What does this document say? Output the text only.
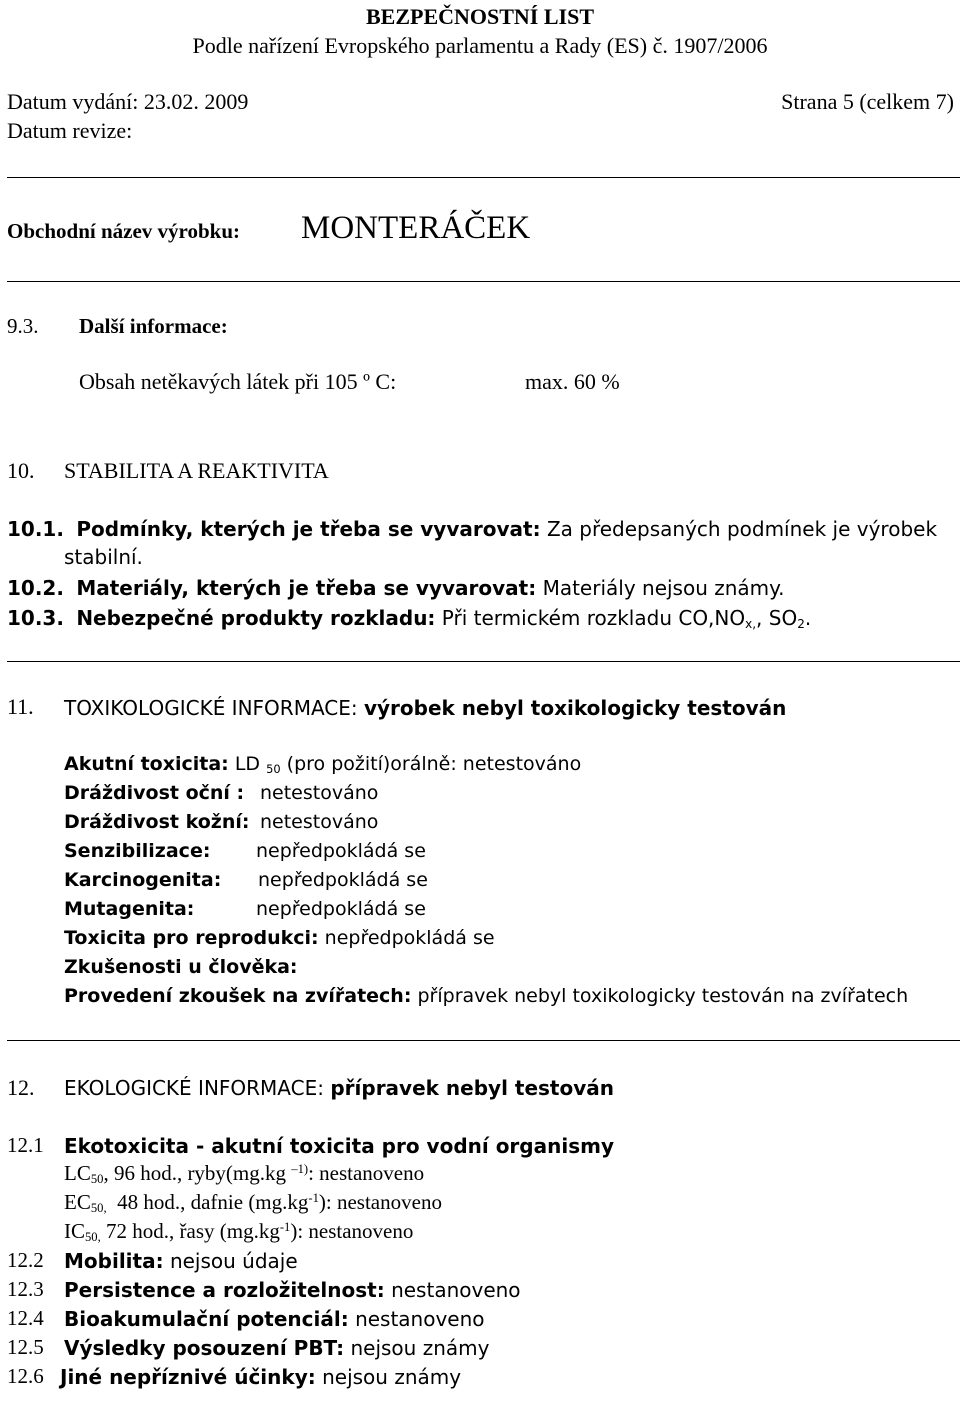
BEZPEČNOSTNÍ LIST
Podle nařízení Evropského parlamentu a Rady (ES) č. 1907/2006
Datum vydání: 23.02. 2009	Strana 5 (celkem 7)
Datum revize:
Obchodní název výrobku: MONTERÁČEK
9.3. Další informace:
Obsah netěkavých látek při 105 º C:	max. 60 %
10. STABILITA A REAKTIVITA
10.1. Podmínky, kterých je třeba se vyvarovat: Za předepsaných podmínek je výrobek
stabilní.
10.2. Materiály, kterých je třeba se vyvarovat: Materiály nejsou známy.
10.3. Nebezpečné produkty rozkladu: Při termickém rozkladu $CO,NO_{x,}$, $SO_2$.
11. TOXIKOLOGICKÉ INFORMACE: výrobek nebyl toxikologicky testován
Akutní toxicita: LD $_{50}$ (pro požití)orálně: netestováno
Dráždivost oční : netestováno
Dráždivost kožní: netestováno
Senzibilizace: nepředpokládá se
Karcinogenita: nepředpokládá se
Mutagenita:	nepředpokládá se
Toxicita pro reprodukci: nepředpokládá se
Zkušenosti u člověka:
Provedení zkoušek na zvířatech: přípravek nebyl toxikologicky testován na zvířatech
12. EKOLOGICKÉ INFORMACE: přípravek nebyl testován
12.1 Ekotoxicita - akutní toxicita pro vodní organismy
$LC_{50}$, 96 hod., ryby(mg.kg $^{-1)}$: nestanoveno
$EC_{50,}$ 48 hod., dafnie $(mg.kg^{-1})$: nestanoveno
$IC_{50,}$ 72 hod., řasy $(mg.kg^{-1})$: nestanoveno
12.2 Mobilita: nejsou údaje
12.3 Persistence a rozložitelnost: nestanoveno
12.4 Bioakumulační potenciál: nestanoveno
12.5 Výsledky posouzení PBT: nejsou známy
12.6 Jiné nepříznivé účinky: nejsou známy
